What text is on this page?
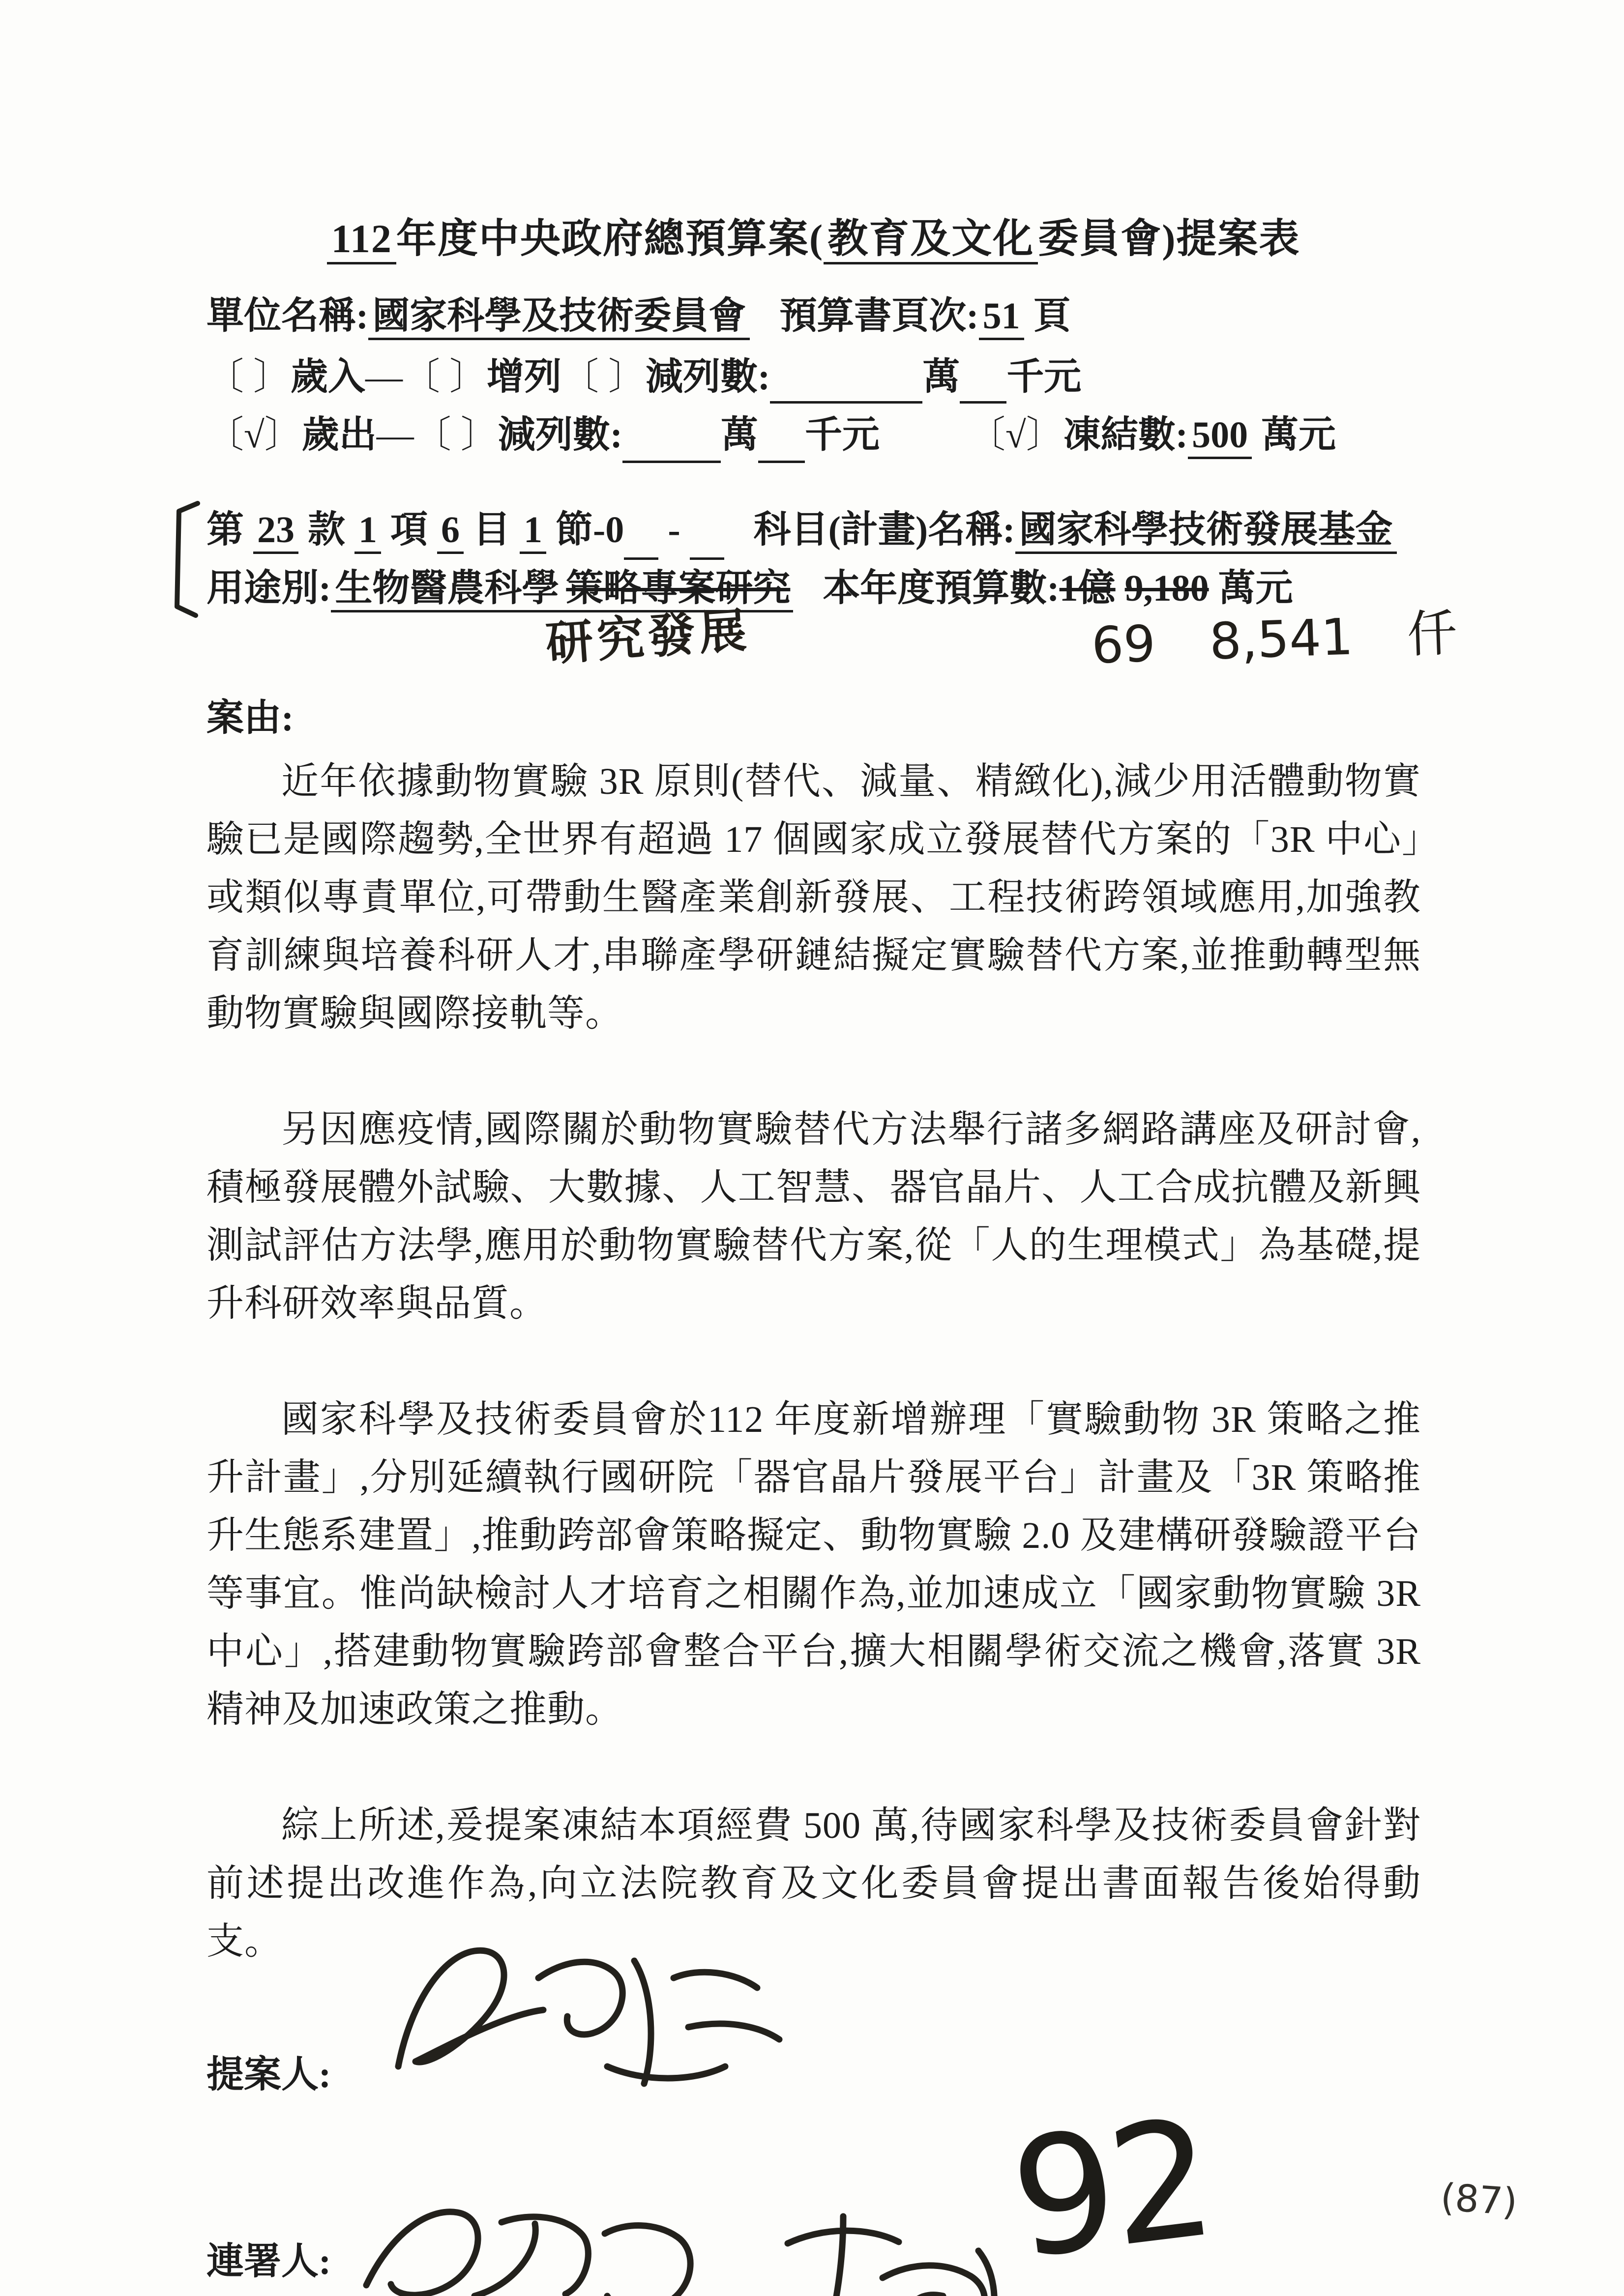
112年度中央政府總預算案(教育及文化委員會)提案表
單位名稱: 國家科學及技術委員會 預算書頁次: 51 頁
〔 〕歲入—〔 〕增列〔 〕減列數:	萬 千元
〔√〕歲出—〔 〕減列數:	萬 千元 〔√〕凍結數: 500 萬元
第 23 款 1 項 6 目 1 節-0 - 科目(計畫)名稱: 國家科學技術發展基金
用途別: 生物醫農科學 策略專案研究 本年度預算數:1億 9,180 萬元
研究發展	69 8,541 仟
案由:

近年依據動物實驗 3R 原則(替代、減量、精緻化),減少用活體動物實驗已是國際趨勢,全世界有超過 17 個國家成立發展替代方案的「3R 中心」或類似專責單位,可帶動生醫產業創新發展、工程技術跨領域應用,加強教育訓練與培養科研人才,串聯產學研鏈結擬定實驗替代方案,並推動轉型無動物實驗與國際接軌等。

另因應疫情,國際關於動物實驗替代方法舉行諸多網路講座及研討會,積極發展體外試驗、大數據、人工智慧、器官晶片、人工合成抗體及新興測試評估方法學,應用於動物實驗替代方案,從「人的生理模式」為基礎,提升科研效率與品質。

國家科學及技術委員會於112 年度新增辦理「實驗動物 3R 策略之推升計畫」,分別延續執行國研院「器官晶片發展平台」計畫及「3R 策略推升生態系建置」,推動跨部會策略擬定、動物實驗 2.0 及建構研發驗證平台等事宜。惟尚缺檢討人才培育之相關作為,並加速成立「國家動物實驗 3R 中心」,搭建動物實驗跨部會整合平台,擴大相關學術交流之機會,落實 3R 精神及加速政策之推動。

綜上所述,爰提案凍結本項經費 500 萬,待國家科學及技術委員會針對前述提出改進作為,向立法院教育及文化委員會提出書面報告後始得動支。

提案人:
連署人:	92	(87)
